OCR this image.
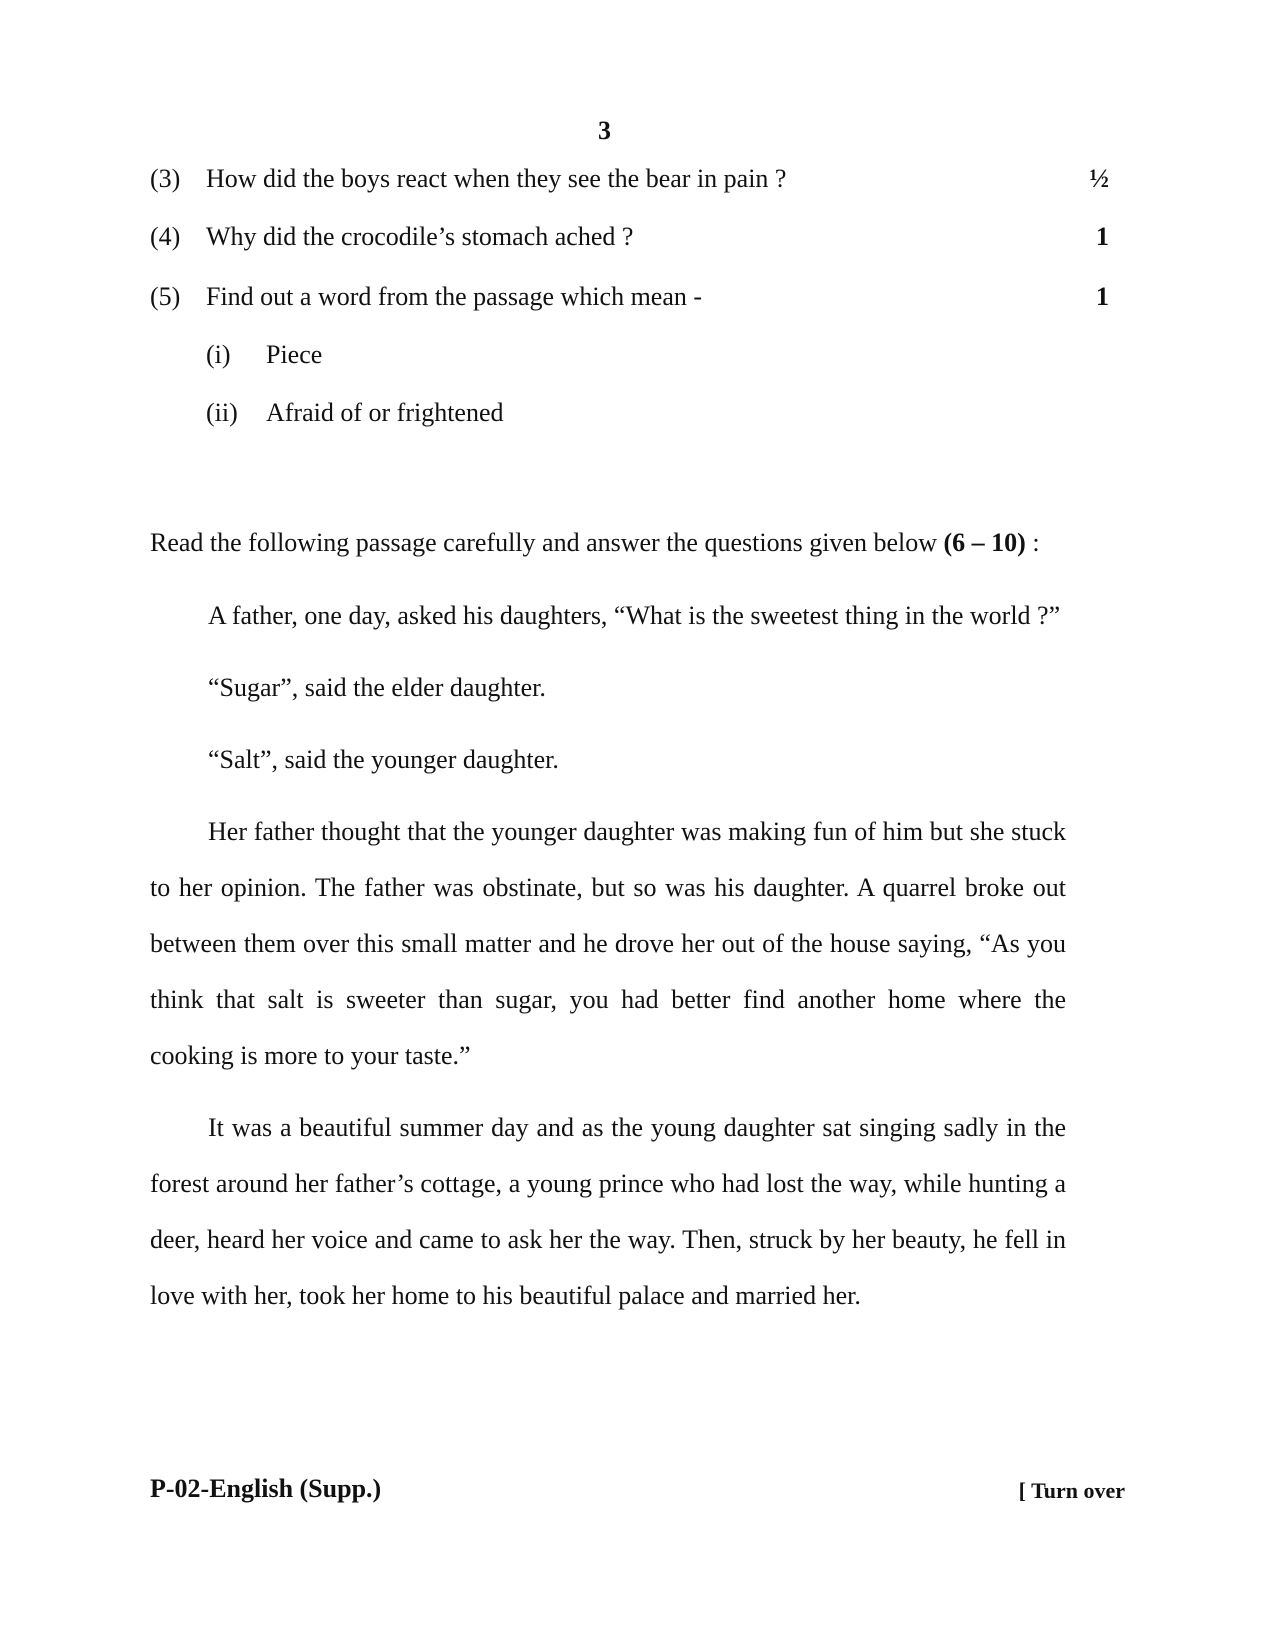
3
(3) How did the boys react when they see the bear in pain ?	½
(4) Why did the crocodile’s stomach ached ?	1
(5) Find out a word from the passage which mean -	1
(i) Piece
(ii) Afraid of or frightened
Read the following passage carefully and answer the questions given below (6 – 10) :

A father, one day, asked his daughters, “What is the sweetest thing in the world ?”

“Sugar”, said the elder daughter.

“Salt”, said the younger daughter.

Her father thought that the younger daughter was making fun of him but she stuck to her opinion. The father was obstinate, but so was his daughter. A quarrel broke out between them over this small matter and he drove her out of the house saying, “As you think that salt is sweeter than sugar, you had better find another home where the cooking is more to your taste.”

It was a beautiful summer day and as the young daughter sat singing sadly in the forest around her father’s cottage, a young prince who had lost the way, while hunting a deer, heard her voice and came to ask her the way. Then, struck by her beauty, he fell in love with her, took her home to his beautiful palace and married her.

P-02-English (Supp.)	[ Turn over
